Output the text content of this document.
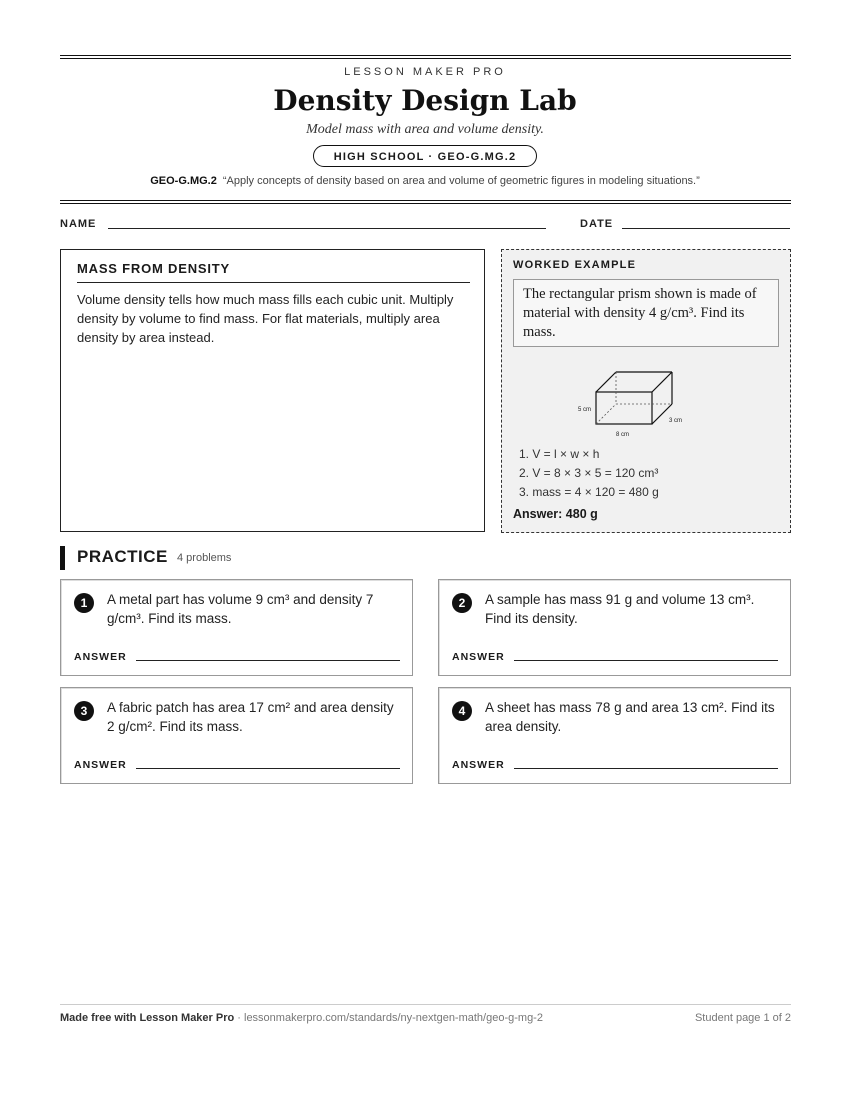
LESSON MAKER PRO
Density Design Lab
Model mass with area and volume density.
HIGH SCHOOL · GEO-G.MG.2
GEO-G.MG.2 “Apply concepts of density based on area and volume of geometric figures in modeling situations.”
NAME	DATE
MASS FROM DENSITY

Volume density tells how much mass fills each cubic unit. Multiply density by volume to find mass. For flat materials, multiply area density by area instead.

WORKED EXAMPLE
The rectangular prism shown is made of material with density 4 g/cm³. Find its mass.
5 cm
8 cm
3 cm
1. V = l × w × h
2. V = 8 × 3 × 5 = 120 cm³
3. mass = 4 × 120 = 480 g
Answer: 480 g
PRACTICE 4 problems
1	A metal part has volume 9 cm³ and density 7 g/cm³. Find its mass.
ANSWER
2	A sample has mass 91 g and volume 13 cm³. Find its density.
ANSWER
3	A fabric patch has area 17 cm² and area density 2 g/cm². Find its mass.
ANSWER
4	A sheet has mass 78 g and area 13 cm². Find its area density.
ANSWER
Made free with Lesson Maker Pro · lessonmakerpro.com/standards/ny-nextgen-math/geo-g-mg-2	Student page 1 of 2
